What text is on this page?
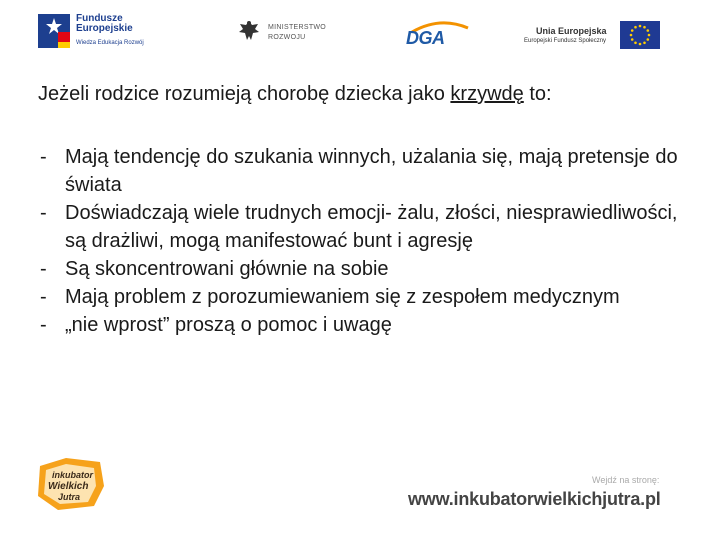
Fundusze
Europejskie
Wiedza Edukacja Rozwój
MINISTERSTWO
ROZWOJU	DGA	Unia Europejska
Europejski Fundusz Społeczny
Jeżeli rodzice rozumieją chorobę dziecka jako krzywdę to:
- Mają tendencję do szukania winnych, użalania się, mają pretensje do świata
- Doświadczają wiele trudnych emocji- żalu, złości, niesprawiedliwości, są drażliwi, mogą manifestować bunt i agresję
- Są skoncentrowani głównie na sobie
- Mają problem z porozumiewaniem się z zespołem medycznym
- „nie wprost” proszą o pomoc i uwagę
inkubator
Wielkich
Jutra
Wejdź na stronę:
www.inkubatorwielkichjutra.pl
